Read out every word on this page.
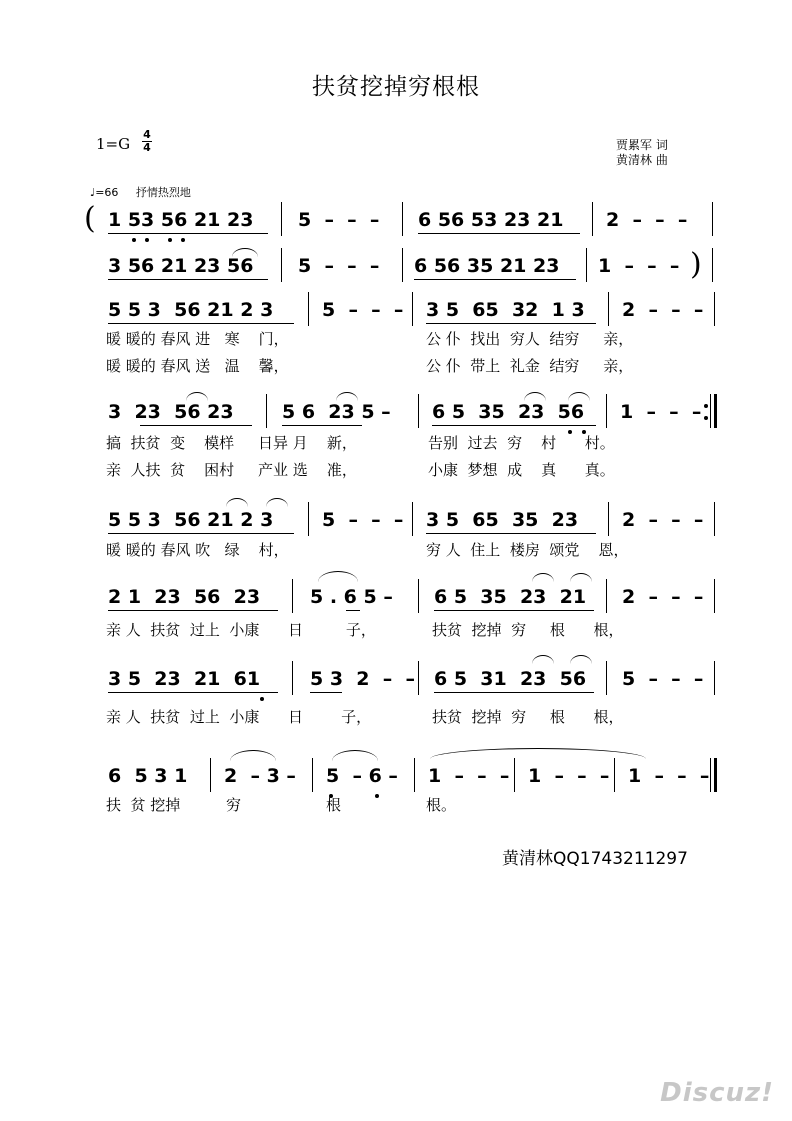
扶贫挖掉穷根根
1=G
4
4	贾累军 词
黄清林 曲
♩=66 抒情热烈地
( 1 53 56 21 23 5  –  –  – 6 56 53 23 21 2  –  –  –
3 56 21 23 56 5  –  –  – 6 56 35 21 23 1  –  –  – )
5 5 3  56 21 2 3	5  –  –  – 3 5  65  32  1 3 2  –  –  –
暖 暖的 春风 进   寒    门，	公 仆  找出  穷人  结穷     亲，
暖 暖的 春风 送   温    馨，	公 仆  带上  礼金  结穷     亲，
3  23  56 23	5 6  23 5 – 6 5  35  23  56 1  –  –  –
搞  扶贫  变    模样     日异 月    新，	告别  过去  穷    村      村。
亲  人扶  贫    困村     产业 选    准，	小康  梦想  成    真      真。
5 5 3  56 21 2 3	5  –  –  – 3 5  65  35  23 2  –  –  –
暖 暖的 春风 吹   绿    村，	穷 人  住上  楼房  颂党    恩，
2 1  23  56  23	5 . 6 5 – 6 5  35  23  21 2  –  –  –
亲 人  扶贫  过上  小康      日         子，	扶贫  挖掉  穷     根      根，
3 5  23  21  61	5 3  2  –  – 6 5  31  23  56 5  –  –  –
亲 人  扶贫  过上  小康      日        子，	扶贫  挖掉  穷     根      根，
6  5 3 1 2  – 3 – 5  – 6 – 1  –  –  – 1  –  –  – 1  –  –  –
扶  贫 挖掉	穷	根	根。
黄清林QQ1743211297
Discuz!
